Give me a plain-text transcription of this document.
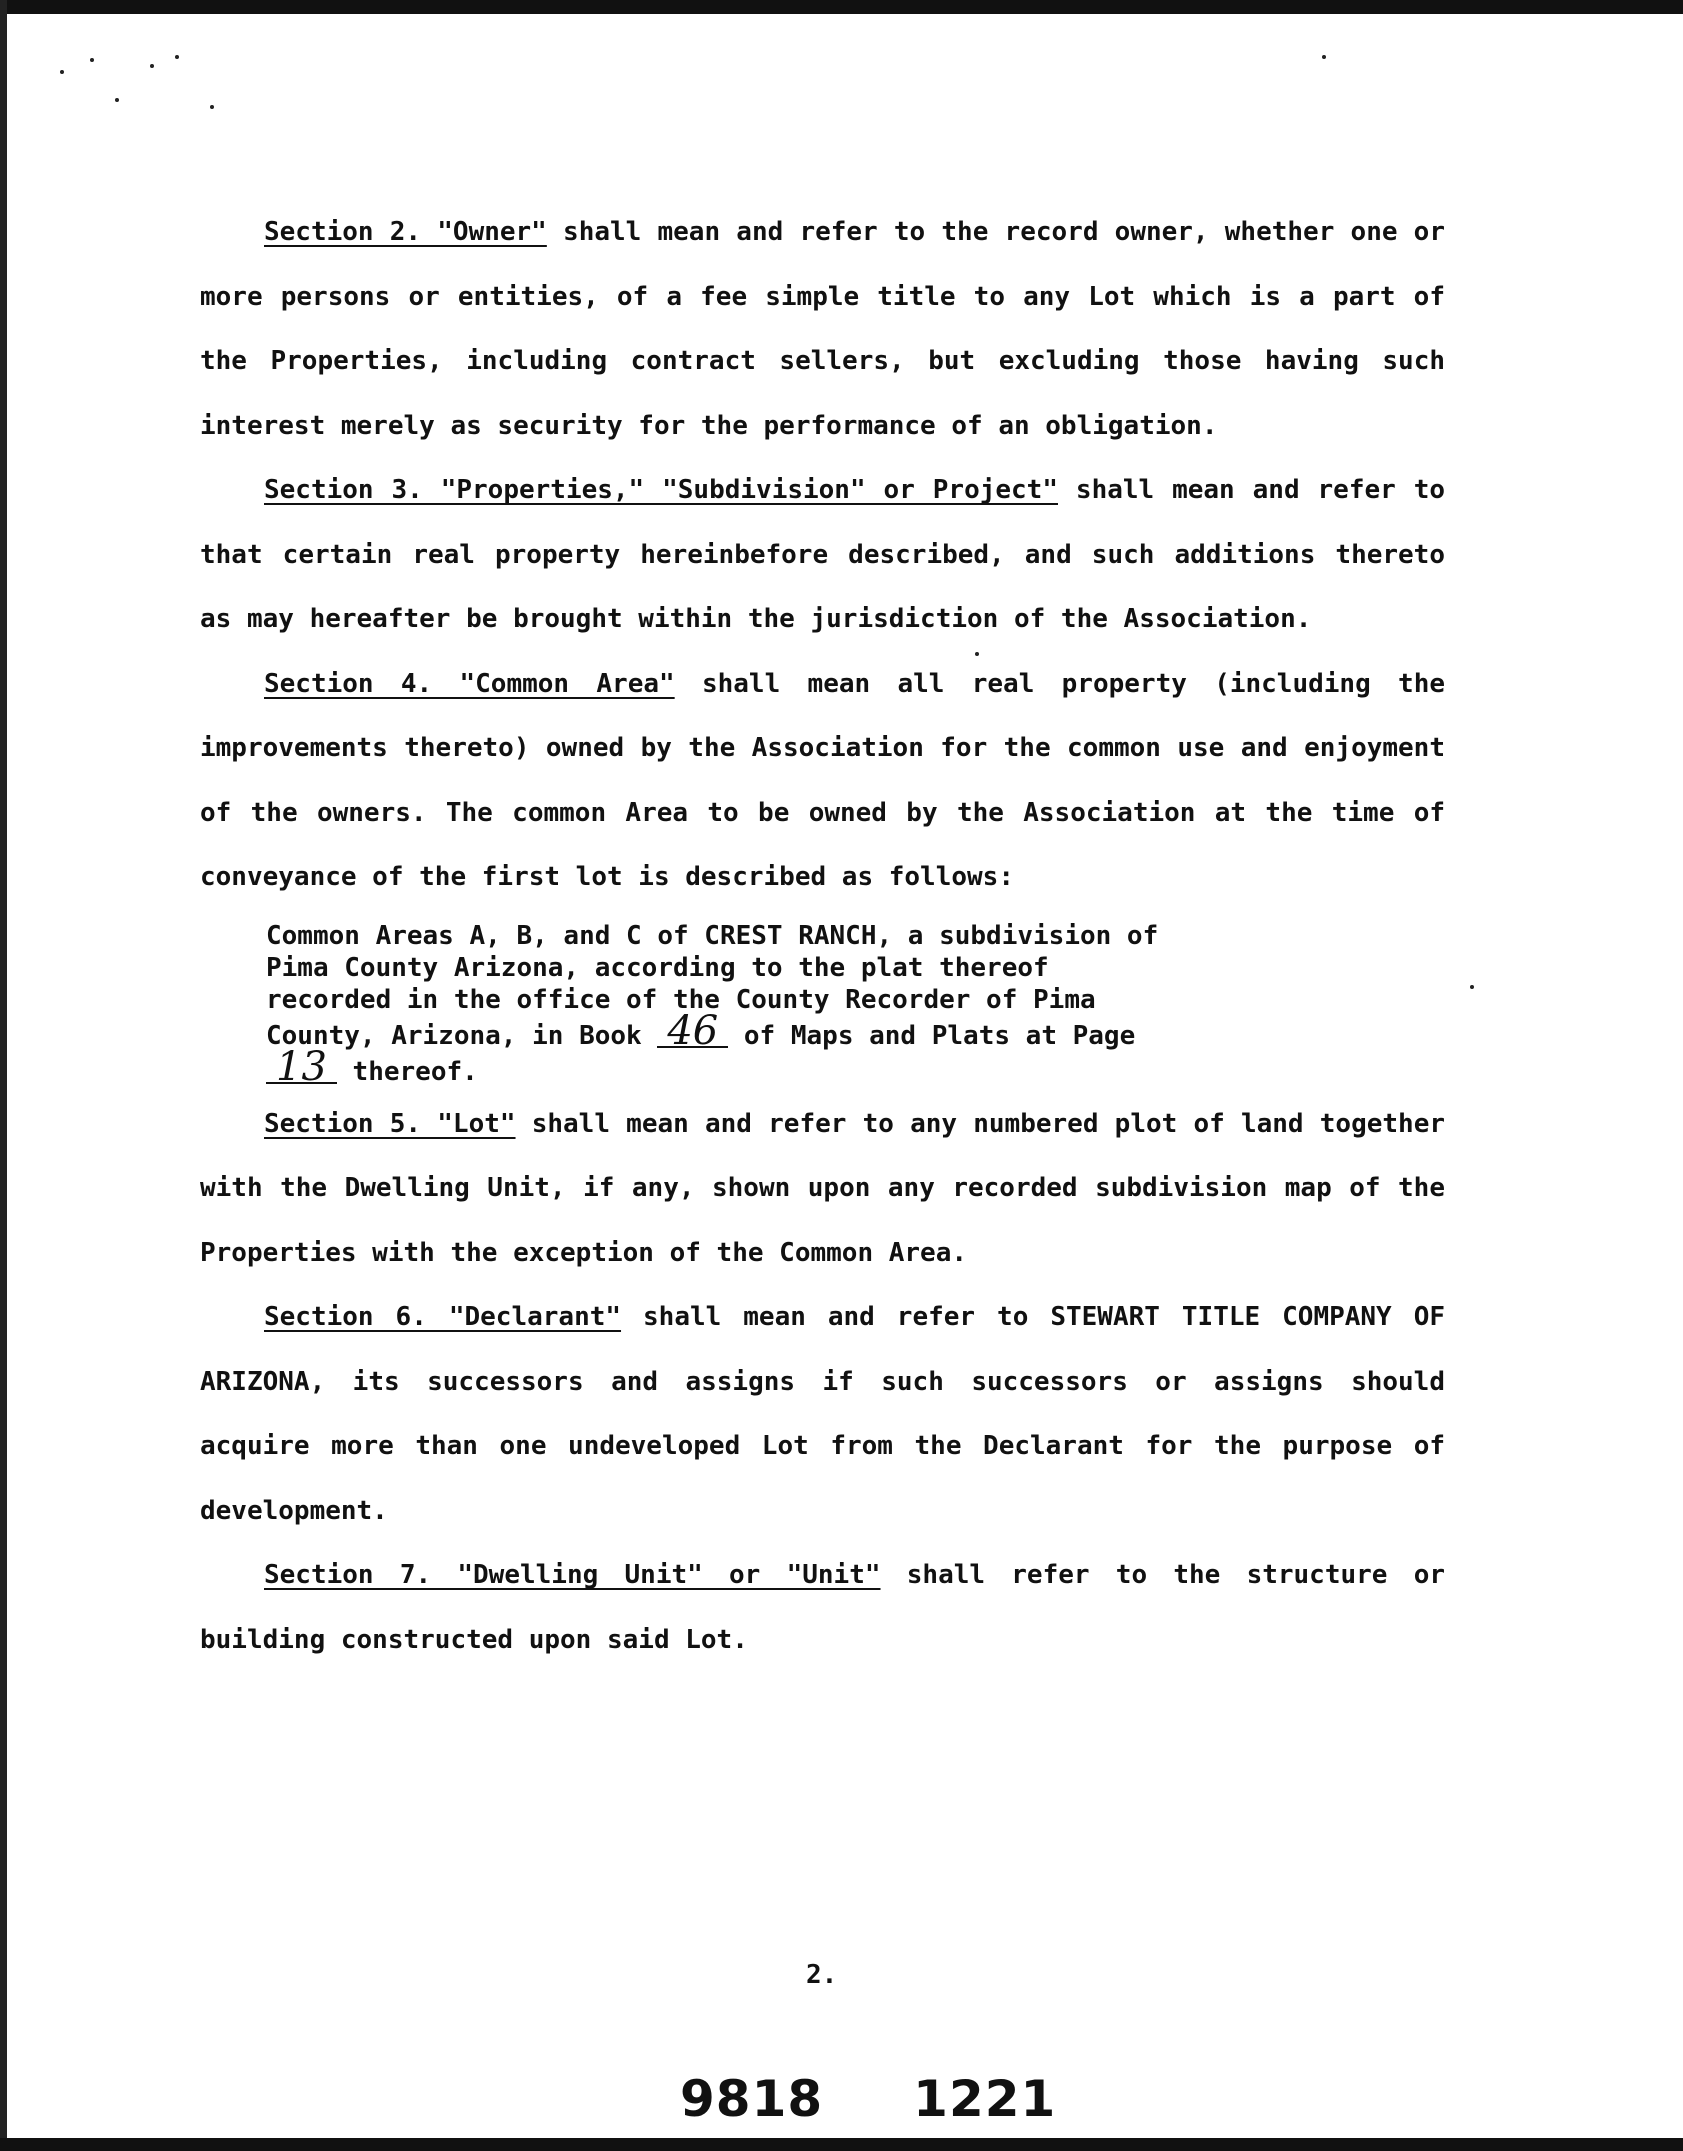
Section 2. "Owner" shall mean and refer to the record owner, whether one or more persons or entities, of a fee simple title to any Lot which is a part of the Properties, including contract sellers, but excluding those having such interest merely as security for the performance of an obligation.

Section 3. "Properties," "Subdivision" or Project" shall mean and refer to that certain real property hereinbefore described, and such additions thereto as may hereafter be brought within the jurisdiction of the Association.

Section 4. "Common Area" shall mean all real property (including the improvements thereto) owned by the Association for the common use and enjoyment of the owners. The common Area to be owned by the Association at the time of conveyance of the first lot is described as follows:

Common Areas A, B, and C of CREST RANCH, a subdivision of
Pima County Arizona, according to the plat thereof
recorded in the office of the County Recorder of Pima
County, Arizona, in Book 46 of Maps and Plats at Page
13 thereof.

Section 5. "Lot" shall mean and refer to any numbered plot of land together with the Dwelling Unit, if any, shown upon any recorded subdivision map of the Properties with the exception of the Common Area.

Section 6. "Declarant" shall mean and refer to STEWART TITLE COMPANY OF ARIZONA, its successors and assigns if such successors or assigns should acquire more than one undeveloped Lot from the Declarant for the purpose of development.

Section 7. "Dwelling Unit" or "Unit" shall refer to the structure or building constructed upon said Lot.

2.
9818 1221
